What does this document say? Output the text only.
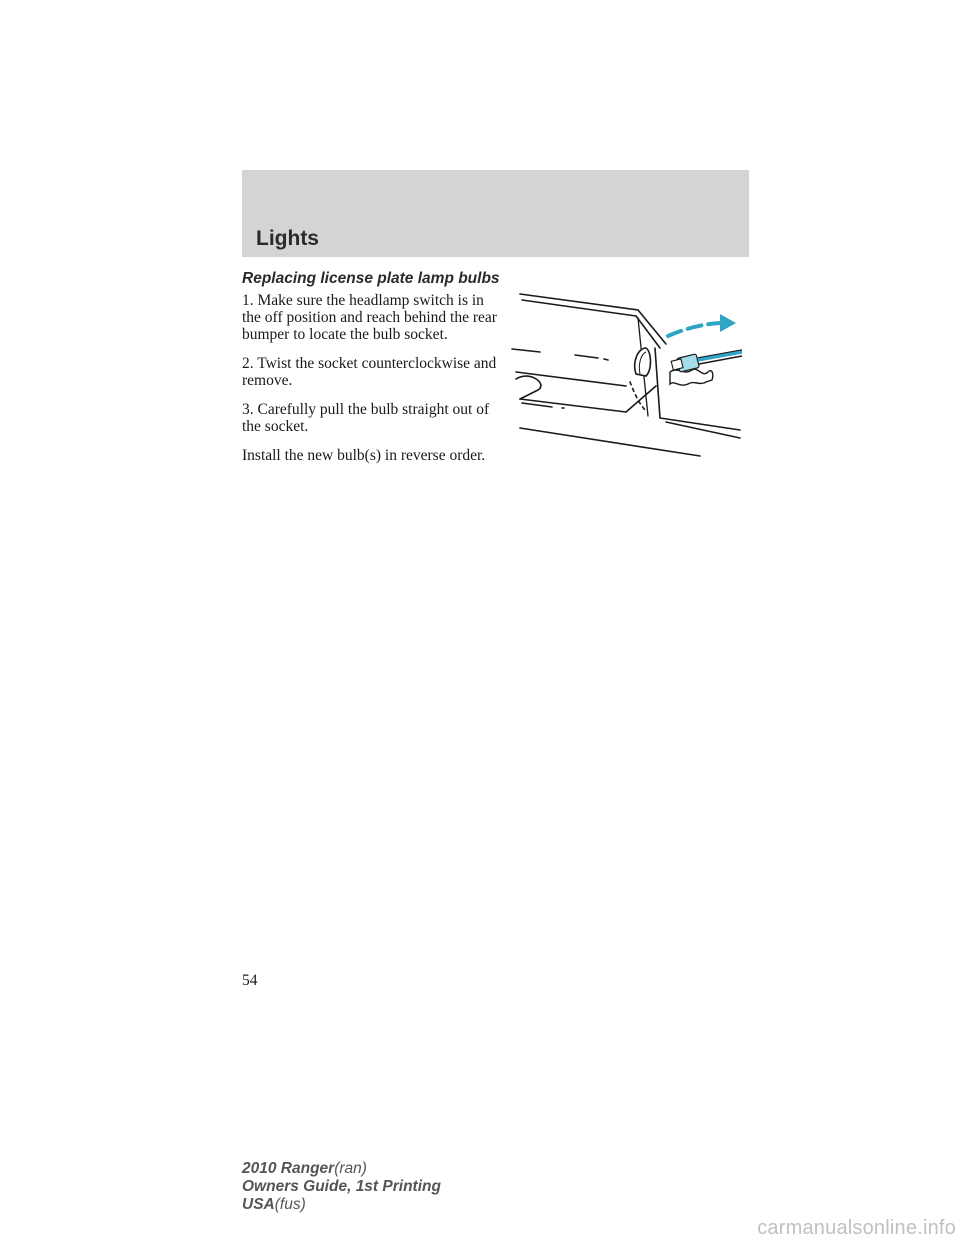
Lights
Replacing license plate lamp bulbs

1. Make sure the headlamp switch is in the off position and reach behind the rear bumper to locate the bulb socket.

2. Twist the socket counterclockwise and remove.

3. Carefully pull the bulb straight out of the socket.

Install the new bulb(s) in reverse order.

54
2010 Ranger(ran)
Owners Guide, 1st Printing
USA(fus)
carmanualsonline.info
